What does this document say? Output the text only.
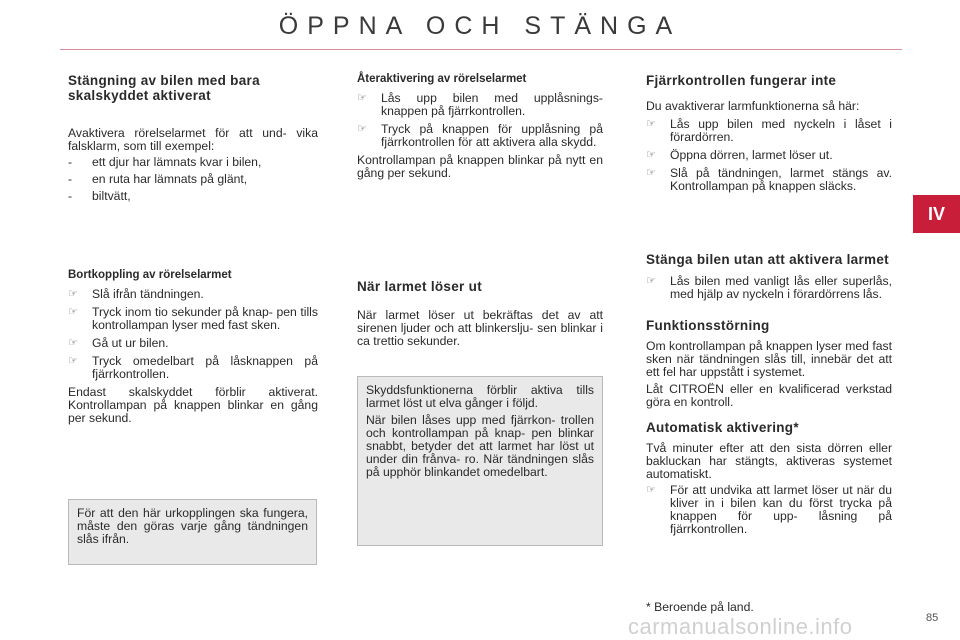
ÖPPNA OCH STÄNGA
IV
Stängning av bilen med bara skalskyddet aktiverat

Avaktivera rörelselarmet för att und- vika falsklarm, som till exempel:

- ett djur har lämnats kvar i bilen,
- en ruta har lämnats på glänt,
- biltvätt,
Bortkoppling av rörelselarmet
☞ Slå ifrån tändningen.
☞ Tryck inom tio sekunder på knap- pen tills kontrollampan lyser med fast sken.
☞ Gå ut ur bilen.
☞ Tryck omedelbart på låsknappen på fjärrkontrollen.

Endast skalskyddet förblir aktiverat. Kontrollampan på knappen blinkar en gång per sekund.

För att den här urkopplingen ska fungera, måste den göras varje gång tändningen slås ifrån.

Återaktivering av rörelselarmet
☞ Lås upp bilen med upplåsnings- knappen på fjärrkontrollen.
☞ Tryck på knappen för upplåsning på fjärrkontrollen för att aktivera alla skydd.

Kontrollampan på knappen blinkar på nytt en gång per sekund.

När larmet löser ut

När larmet löser ut bekräftas det av att sirenen ljuder och att blinkerslju- sen blinkar i ca trettio sekunder.

Skyddsfunktionerna förblir aktiva tills larmet löst ut elva gånger i följd.

När bilen låses upp med fjärrkon- trollen och kontrollampan på knap- pen blinkar snabbt, betyder det att larmet har löst ut under din frånva- ro. När tändningen slås på upphör blinkandet omedelbart.

Fjärrkontrollen fungerar inte

Du avaktiverar larmfunktionerna så här:

☞ Lås upp bilen med nyckeln i låset i förardörren.
☞ Öppna dörren, larmet löser ut.
☞ Slå på tändningen, larmet stängs av. Kontrollampan på knappen släcks.
Stänga bilen utan att aktivera larmet
☞ Lås bilen med vanligt lås eller superlås, med hjälp av nyckeln i förardörrens lås.
Funktionsstörning

Om kontrollampan på knappen lyser med fast sken när tändningen slås till, innebär det att ett fel har uppstått i systemet.

Låt CITROËN eller en kvalificerad verkstad göra en kontroll.

Automatisk aktivering*

Två minuter efter att den sista dörren eller bakluckan har stängts, aktiveras systemet automatiskt.

☞ För att undvika att larmet löser ut när du kliver in i bilen kan du först trycka på knappen för upp- låsning på fjärrkontrollen.
* Beroende på land.
carmanualsonline.info	85
